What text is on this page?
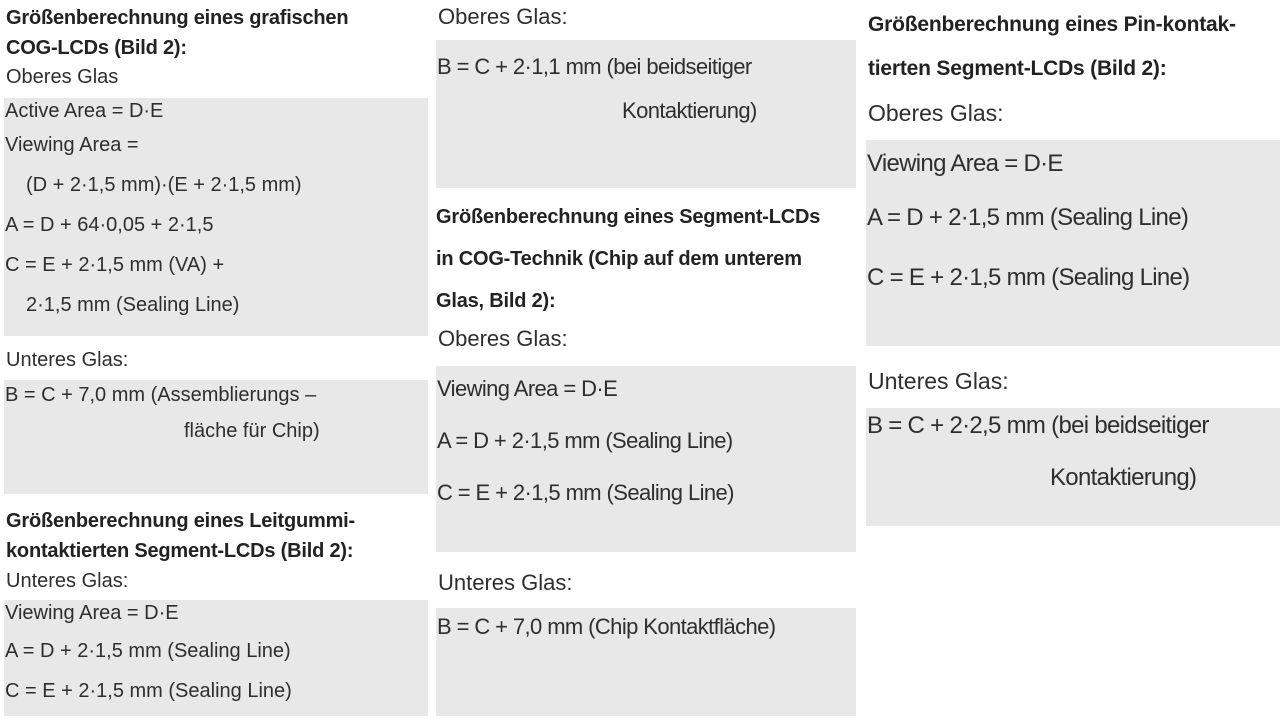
Größenberechnung eines grafischen
COG-LCDs (Bild 2):
Oberes Glas
Active Area = D·E
Viewing Area =
(D + 2·1,5 mm)·(E + 2·1,5 mm)
A = D + 64·0,05 + 2·1,5
C = E + 2·1,5 mm (VA) +
2·1,5 mm (Sealing Line)
Unteres Glas:
B = C + 7,0 mm (Assemblierungs –
fläche für Chip)
Größenberechnung eines Leitgummi-
kontaktierten Segment-LCDs (Bild 2):
Unteres Glas:
Viewing Area = D·E
A = D + 2·1,5 mm (Sealing Line)
C = E + 2·1,5 mm (Sealing Line)
Oberes Glas:
B = C + 2·1,1 mm (bei beidseitiger
Kontaktierung)
Größenberechnung eines Segment-LCDs
in COG-Technik (Chip auf dem unterem
Glas, Bild 2):
Oberes Glas:
Viewing Area = D·E
A = D + 2·1,5 mm (Sealing Line)
C = E + 2·1,5 mm (Sealing Line)
Unteres Glas:
B = C + 7,0 mm (Chip Kontaktfläche)
Größenberechnung eines Pin-kontak-
tierten Segment-LCDs (Bild 2):
Oberes Glas:
Viewing Area = D·E
A = D + 2·1,5 mm (Sealing Line)
C = E + 2·1,5 mm (Sealing Line)
Unteres Glas:
B = C + 2·2,5 mm (bei beidseitiger
Kontaktierung)
